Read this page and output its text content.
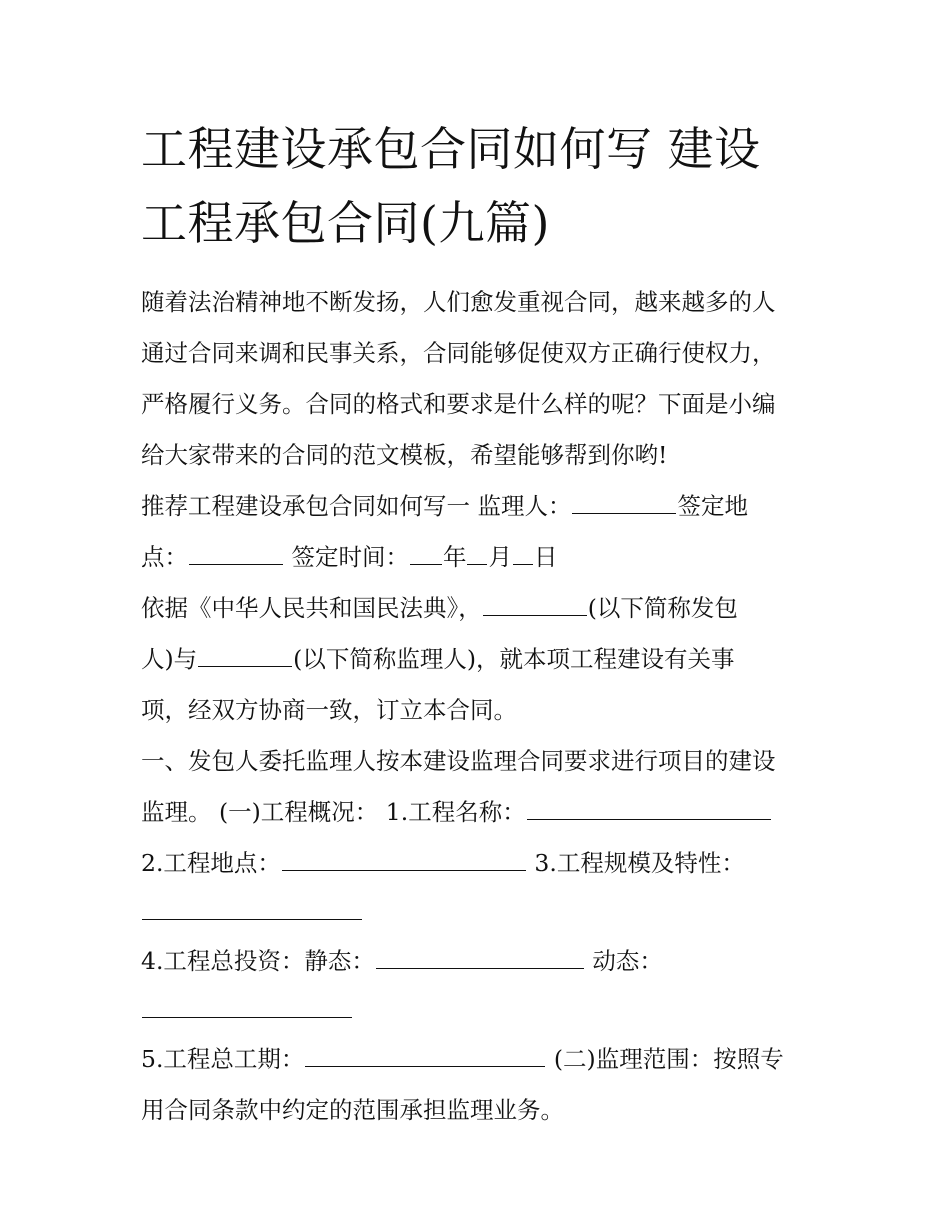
工程建设承包合同如何写 建设
工程承包合同(九篇)
随着法治精神地不断发扬，人们愈发重视合同，越来越多的人
通过合同来调和民事关系，合同能够促使双方正确行使权力，
严格履行义务。合同的格式和要求是什么样的呢？下面是小编
给大家带来的合同的范文模板，希望能够帮到你哟!
推荐工程建设承包合同如何写一 监理人：	签定地
点：	签定时间： 年 月 日
依据《中华人民共和国民法典》，	(以下简称发包
人)与	(以下简称监理人)，就本项工程建设有关事
项，经双方协商一致，订立本合同。
一、发包人委托监理人按本建设监理合同要求进行项目的建设
监理。 (一)工程概况： 1.工程名称：
2.工程地点：	3.工程规模及特性：
4.工程总投资：静态：	动态：
5.工程总工期：	(二)监理范围：按照专
用合同条款中约定的范围承担监理业务。
